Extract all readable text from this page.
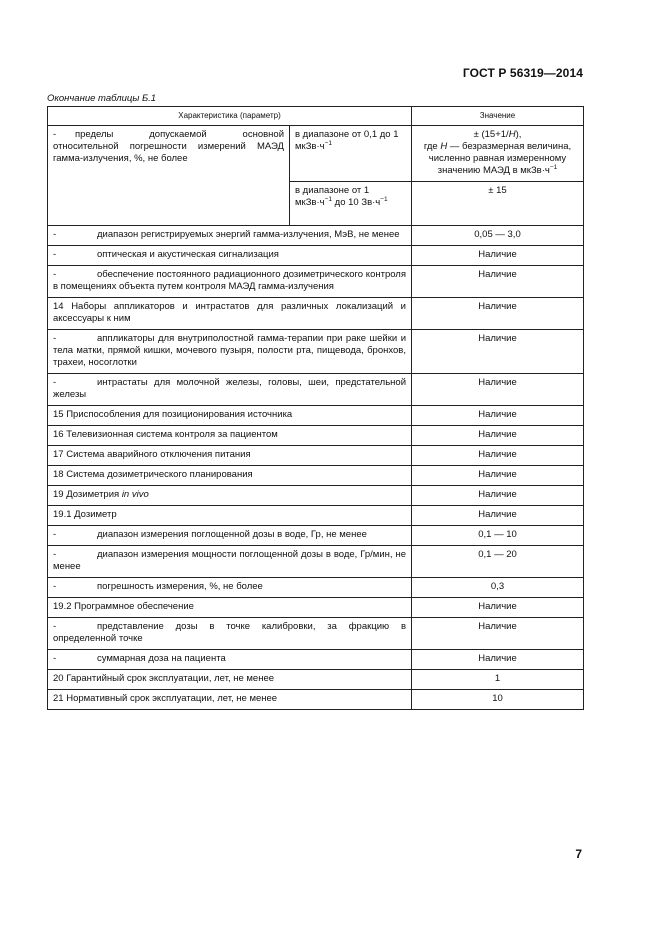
ГОСТ Р 56319—2014
Окончание таблицы Б.1
Характеристика (параметр)		Значение
- пределы допускаемой основной относительной погрешности измерений МАЭД гамма-излучения, %, не более	в диапазоне от 0,1 до 1 $мкЗв\cdot ч^{-1}$	± (15+1/H),
где H — безразмерная величина, численно равная измеренному значению МАЭД в $мкЗв\cdot ч^{-1}$
	в диапазоне от 1 $мкЗв\cdot ч^{-1}$ до 10 $Зв\cdot ч^{-1}$	± 15
- диапазон регистрируемых энергий гамма-излучения, МэВ, не менее		0,05 — 3,0
- оптическая и акустическая сигнализация		Наличие
- обеспечение постоянного радиационного дозиметрического контроля в помещениях объекта путем контроля МАЭД гамма-излучения		Наличие
14 Наборы аппликаторов и интрастатов для различных локализаций и аксессуары к ним		Наличие
- аппликаторы для внутриполостной гамма-терапии при раке шейки и тела матки, прямой кишки, мочевого пузыря, полости рта, пищевода, бронхов, трахеи, носоглотки		Наличие
- интрастаты для молочной железы, головы, шеи, предстательной железы		Наличие
15 Приспособления для позиционирования источника		Наличие
16 Телевизионная система контроля за пациентом		Наличие
17 Система аварийного отключения питания		Наличие
18 Система дозиметрического планирования		Наличие
19 Дозиметрия in vivo		Наличие
19.1 Дозиметр		Наличие
- диапазон измерения поглощенной дозы в воде, Гр, не менее		0,1 — 10
- диапазон измерения мощности поглощенной дозы в воде, Гр/мин, не менее		0,1 — 20
- погрешность измерения, %, не более		0,3
19.2 Программное обеспечение		Наличие
- представление дозы в точке калибровки, за фракцию в определенной точке		Наличие
- суммарная доза на пациента		Наличие
20 Гарантийный срок эксплуатации, лет, не менее		1
21 Нормативный срок эксплуатации, лет, не менее		10
7
